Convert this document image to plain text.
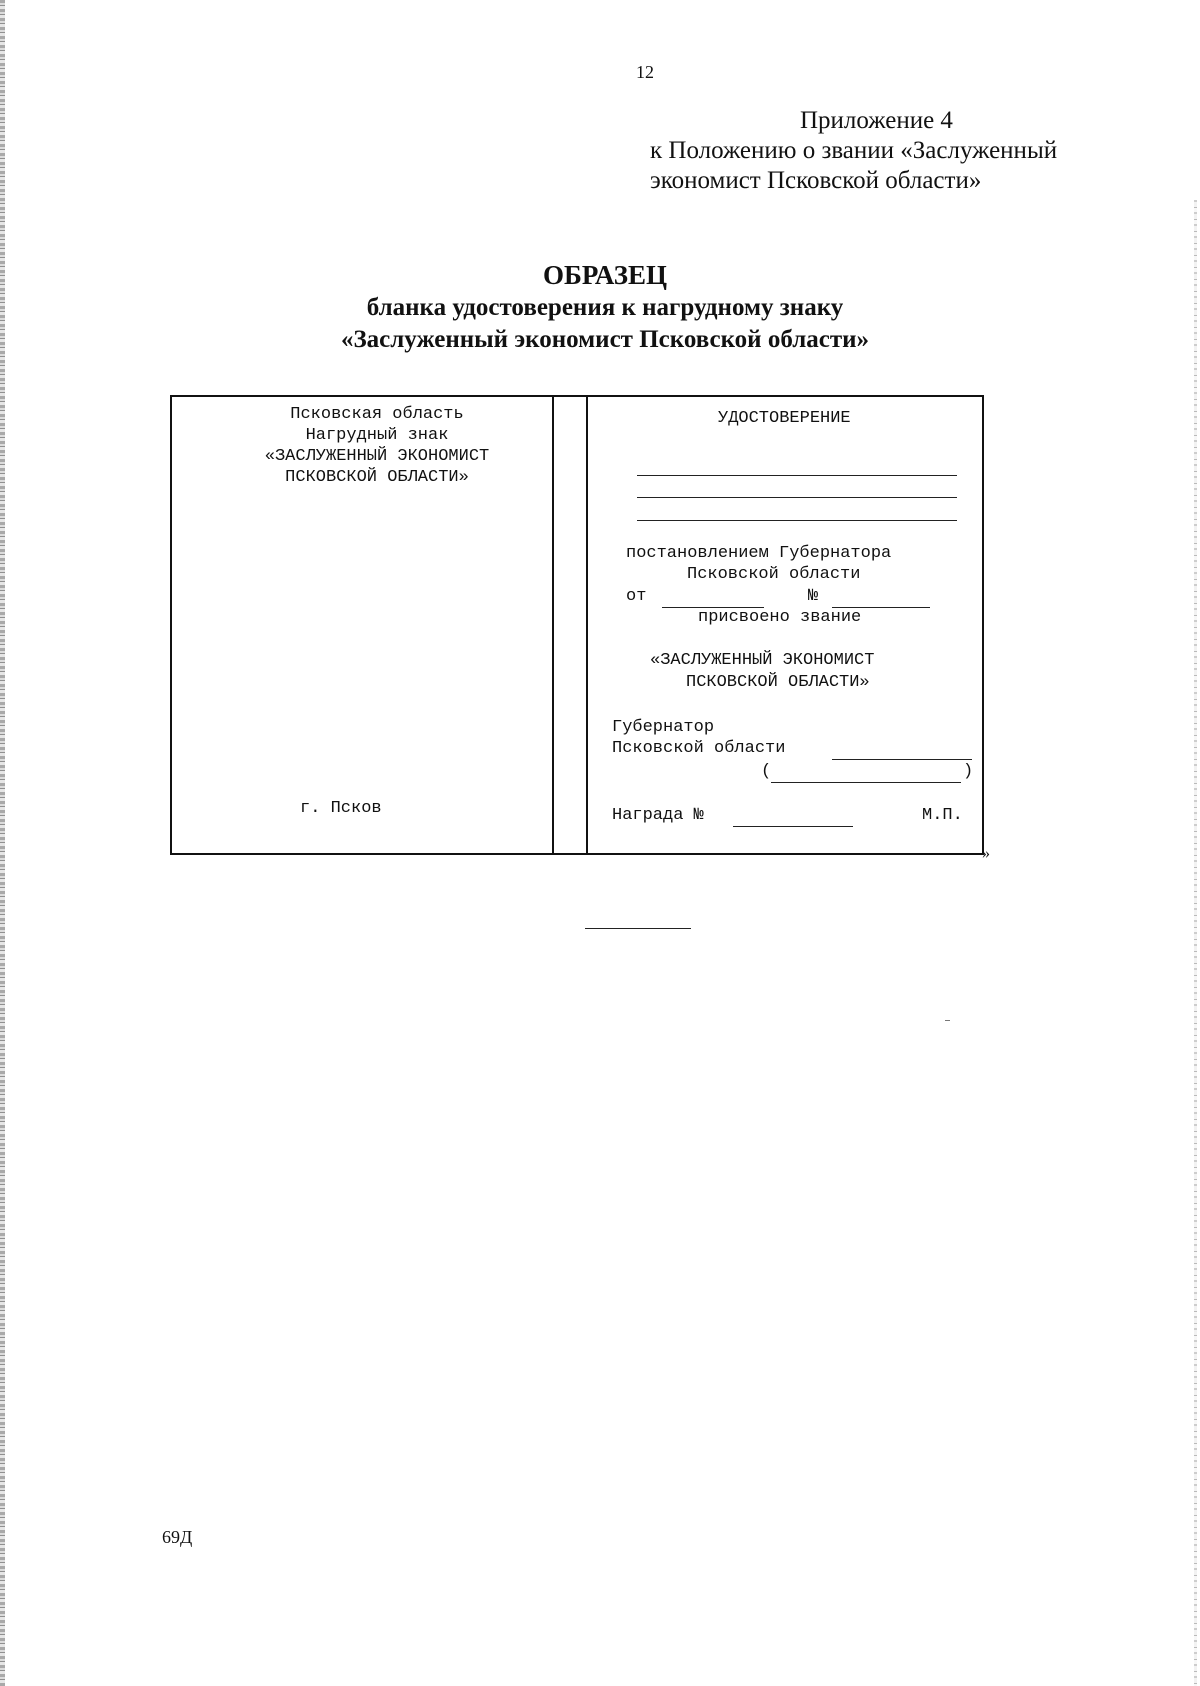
12
Приложение 4
к Положению о звании «Заслуженный
экономист Псковской области»
ОБРАЗЕЦ
бланка удостоверения к нагрудному знаку
«Заслуженный экономист Псковской области»
Псковская область
Нагрудный знак
«ЗАСЛУЖЕННЫЙ ЭКОНОМИСТ
ПСКОВСКОЙ ОБЛАСТИ»
г. Псков
УДОСТОВЕРЕНИЕ
постановлением Губернатора
Псковской области
от	№
присвоено звание
«ЗАСЛУЖЕННЫЙ ЭКОНОМИСТ
ПСКОВСКОЙ ОБЛАСТИ»
Губернатор
Псковской области
(	)
Награда №	М.П.
»
69Д
